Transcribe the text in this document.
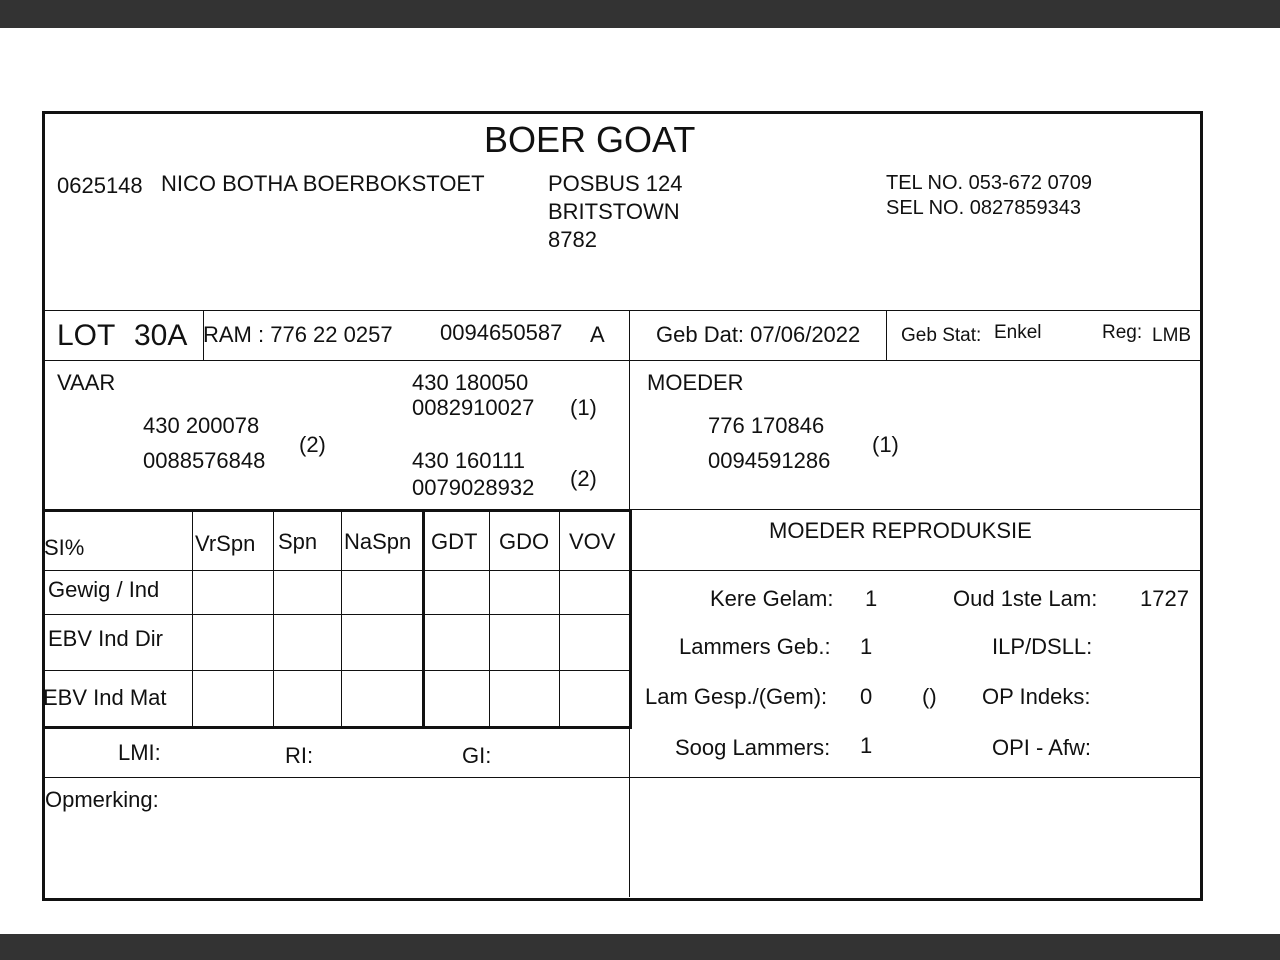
BOER GOAT
0625148 NICO BOTHA BOERBOKSTOET	POSBUS 124
BRITSTOWN
8782
TEL NO. 053-672 0709
SEL NO. 0827859343
LOT 30A RAM : 776 22 0257 0094650587 A Geb Dat: 07/06/2022 Geb Stat: Enkel	Reg: LMB
VAAR
430 200078
0088576848
(2)
430 180050
0082910027 (1)
430 160111
0079028932 (2)
MOEDER
776 170846
0094591286
(1)
SI%	VrSpn Spn NaSpn GDT GDO VOV
Gewig / Ind
EBV Ind Dir
EBV Ind Mat
LMI:	RI:	GI:
MOEDER REPRODUKSIE
Kere Gelam: 1	Oud 1ste Lam: 1727
Lammers Geb.: 1	ILP/DSLL:
Lam Gesp./(Gem): 0 () OP Indeks:
Soog Lammers: 1	OPI - Afw:
Opmerking:
